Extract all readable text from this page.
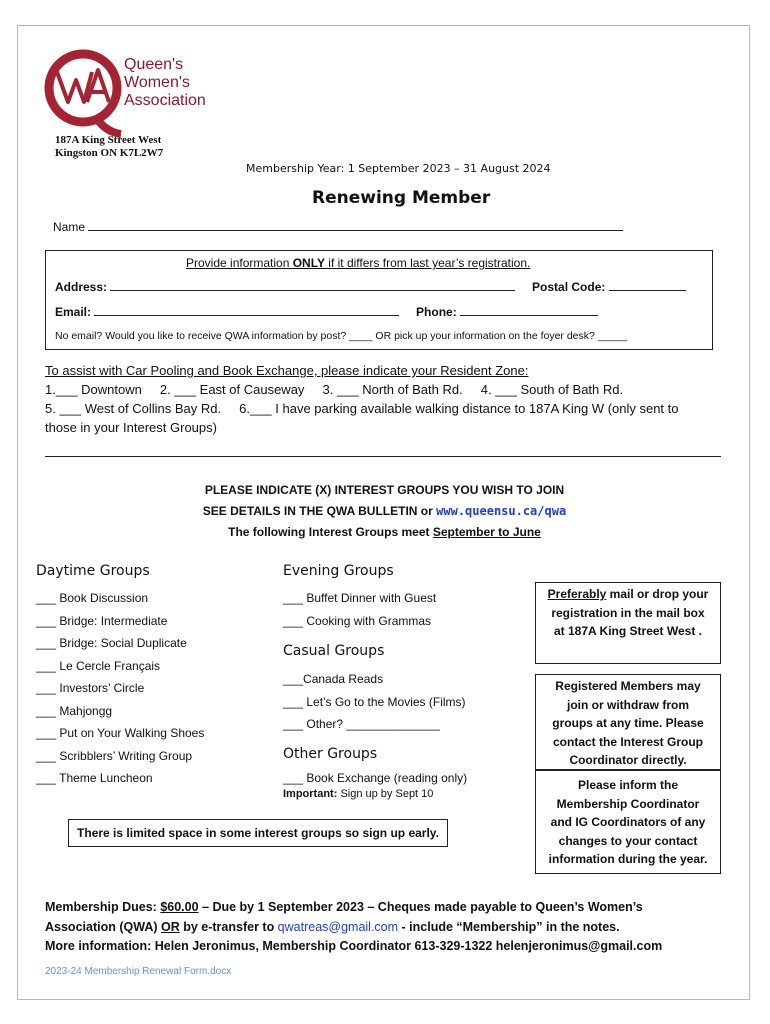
Queen's
Women's
Association
187A King Street West
Kingston ON K7L2W7
Membership Year: 1 September 2023 – 31 August 2024
Renewing Member
Name
Provide information ONLY if it differs from last year’s registration.
Address:	Postal Code:
Email:	Phone:
No email? Would you like to receive QWA information by post? ____ OR pick up your information on the foyer desk? _____
To assist with Car Pooling and Book Exchange, please indicate your Resident Zone:
1.___ Downtown     2. ___ East of Causeway     3. ___ North of Bath Rd.     4. ___ South of Bath Rd.
5. ___ West of Collins Bay Rd.     6.___ I have parking available walking distance to 187A King W (only sent to
those in your Interest Groups)
PLEASE INDICATE (X) INTEREST GROUPS YOU WISH TO JOIN
SEE DETAILS IN THE QWA BULLETIN or www.queensu.ca/qwa
The following Interest Groups meet September to June
Daytime Groups
___ Book Discussion
___ Bridge: Intermediate
___ Bridge: Social Duplicate
___ Le Cercle Français
___ Investors’ Circle
___ Mahjongg
___ Put on Your Walking Shoes
___ Scribblers’ Writing Group
___ Theme Luncheon
Evening Groups
___ Buffet Dinner with Guest
___ Cooking with Grammas
Casual Groups
___Canada Reads
___ Let’s Go to the Movies (Films)
___ Other? ______________
Other Groups
___ Book Exchange (reading only)
Important: Sign up by Sept 10
There is limited space in some interest groups so sign up early.
Preferably mail or drop your
registration in the mail box
at 187A King Street West .
Registered Members may
join or withdraw from
groups at any time. Please
contact the Interest Group
Coordinator directly.
Please inform the
Membership Coordinator
and IG Coordinators of any
changes to your contact
information during the year.
Membership Dues: $60.00 – Due by 1 September 2023 – Cheques made payable to Queen’s Women’s
Association (QWA) OR by e-transfer to qwatreas@gmail.com - include “Membership” in the notes.
More information: Helen Jeronimus, Membership Coordinator 613-329-1322 helenjeronimus@gmail.com
2023-24 Membership Renewal Form.docx
